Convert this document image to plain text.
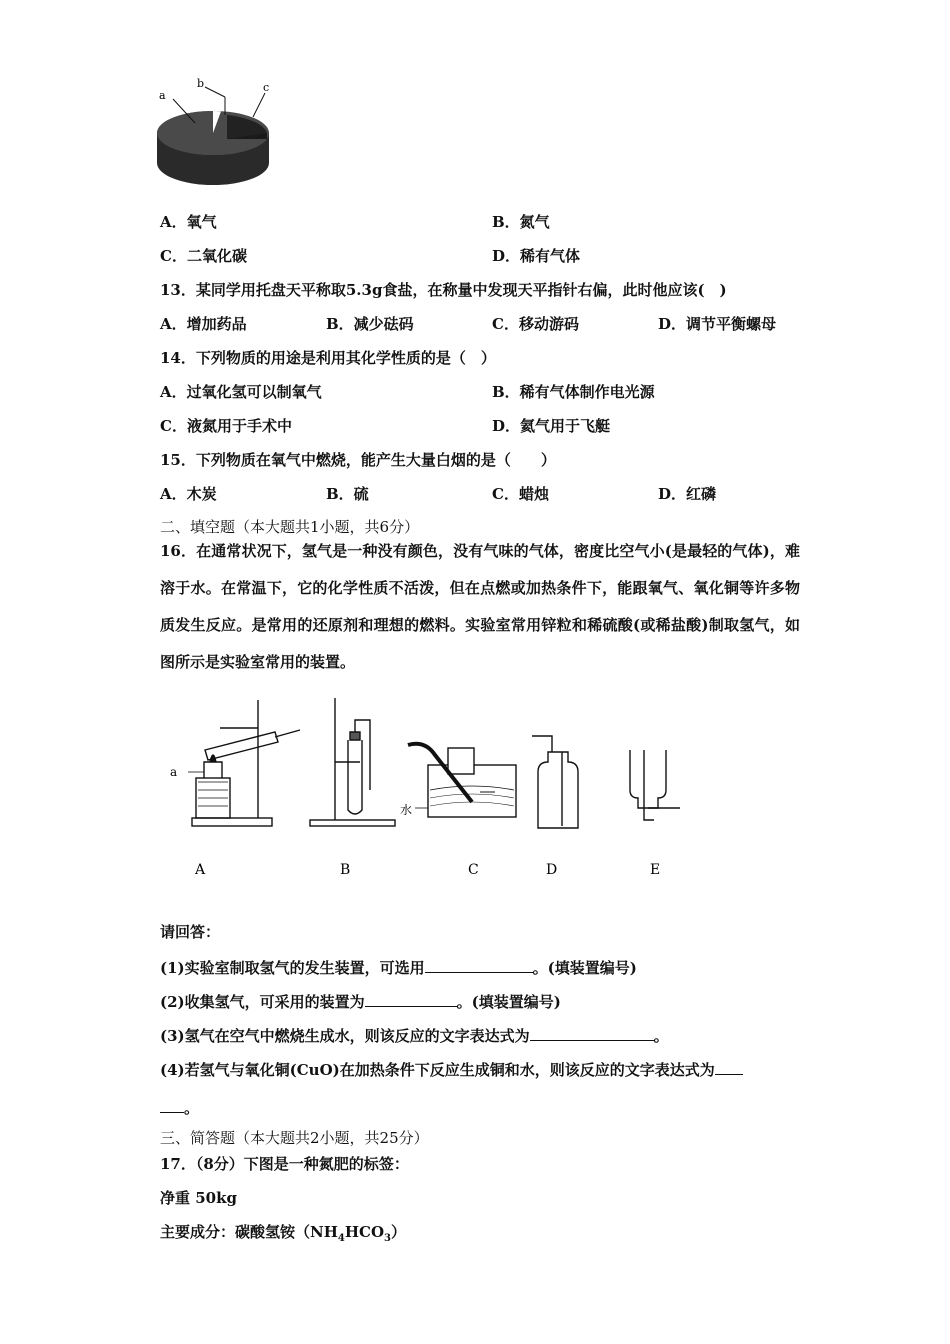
a
b	c
A．氧气	B．氮气
C．二氧化碳	D．稀有气体
13．某同学用托盘天平称取5.3g食盐，在称量中发现天平指针右偏，此时他应该(　)
A．增加药品	B．减少砝码	C．移动游码	D．调节平衡螺母
14．下列物质的用途是利用其化学性质的是（　）
A．过氧化氢可以制氧气	B．稀有气体制作电光源
C．液氮用于手术中	D．氦气用于飞艇
15．下列物质在氧气中燃烧，能产生大量白烟的是（　　）
A．木炭	B．硫	C．蜡烛	D．红磷
二、填空题（本大题共1小题，共6分）
16．在通常状况下，氢气是一种没有颜色，没有气味的气体，密度比空气小(是最轻的气体)，难溶于水。在常温下，它的化学性质不活泼，但在点燃或加热条件下，能跟氧气、氧化铜等许多物质发生反应。是常用的还原剂和理想的燃料。实验室常用锌粒和稀硫酸(或稀盐酸)制取氢气，如图所示是实验室常用的装置。
a
水
A	B	C	D	E
请回答：
(1)实验室制取氢气的发生装置，可选用	。(填装置编号)
(2)收集氢气，可采用的装置为	。(填装置编号)
(3)氢气在空气中燃烧生成水，则该反应的文字表达式为	。
(4)若氢气与氧化铜(CuO)在加热条件下反应生成铜和水，则该反应的文字表达式为
。
三、简答题（本大题共2小题，共25分）
17．（8分）下图是一种氮肥的标签：
净重 50kg
主要成分：碳酸氢铵$(NH_4HCO_3)$
